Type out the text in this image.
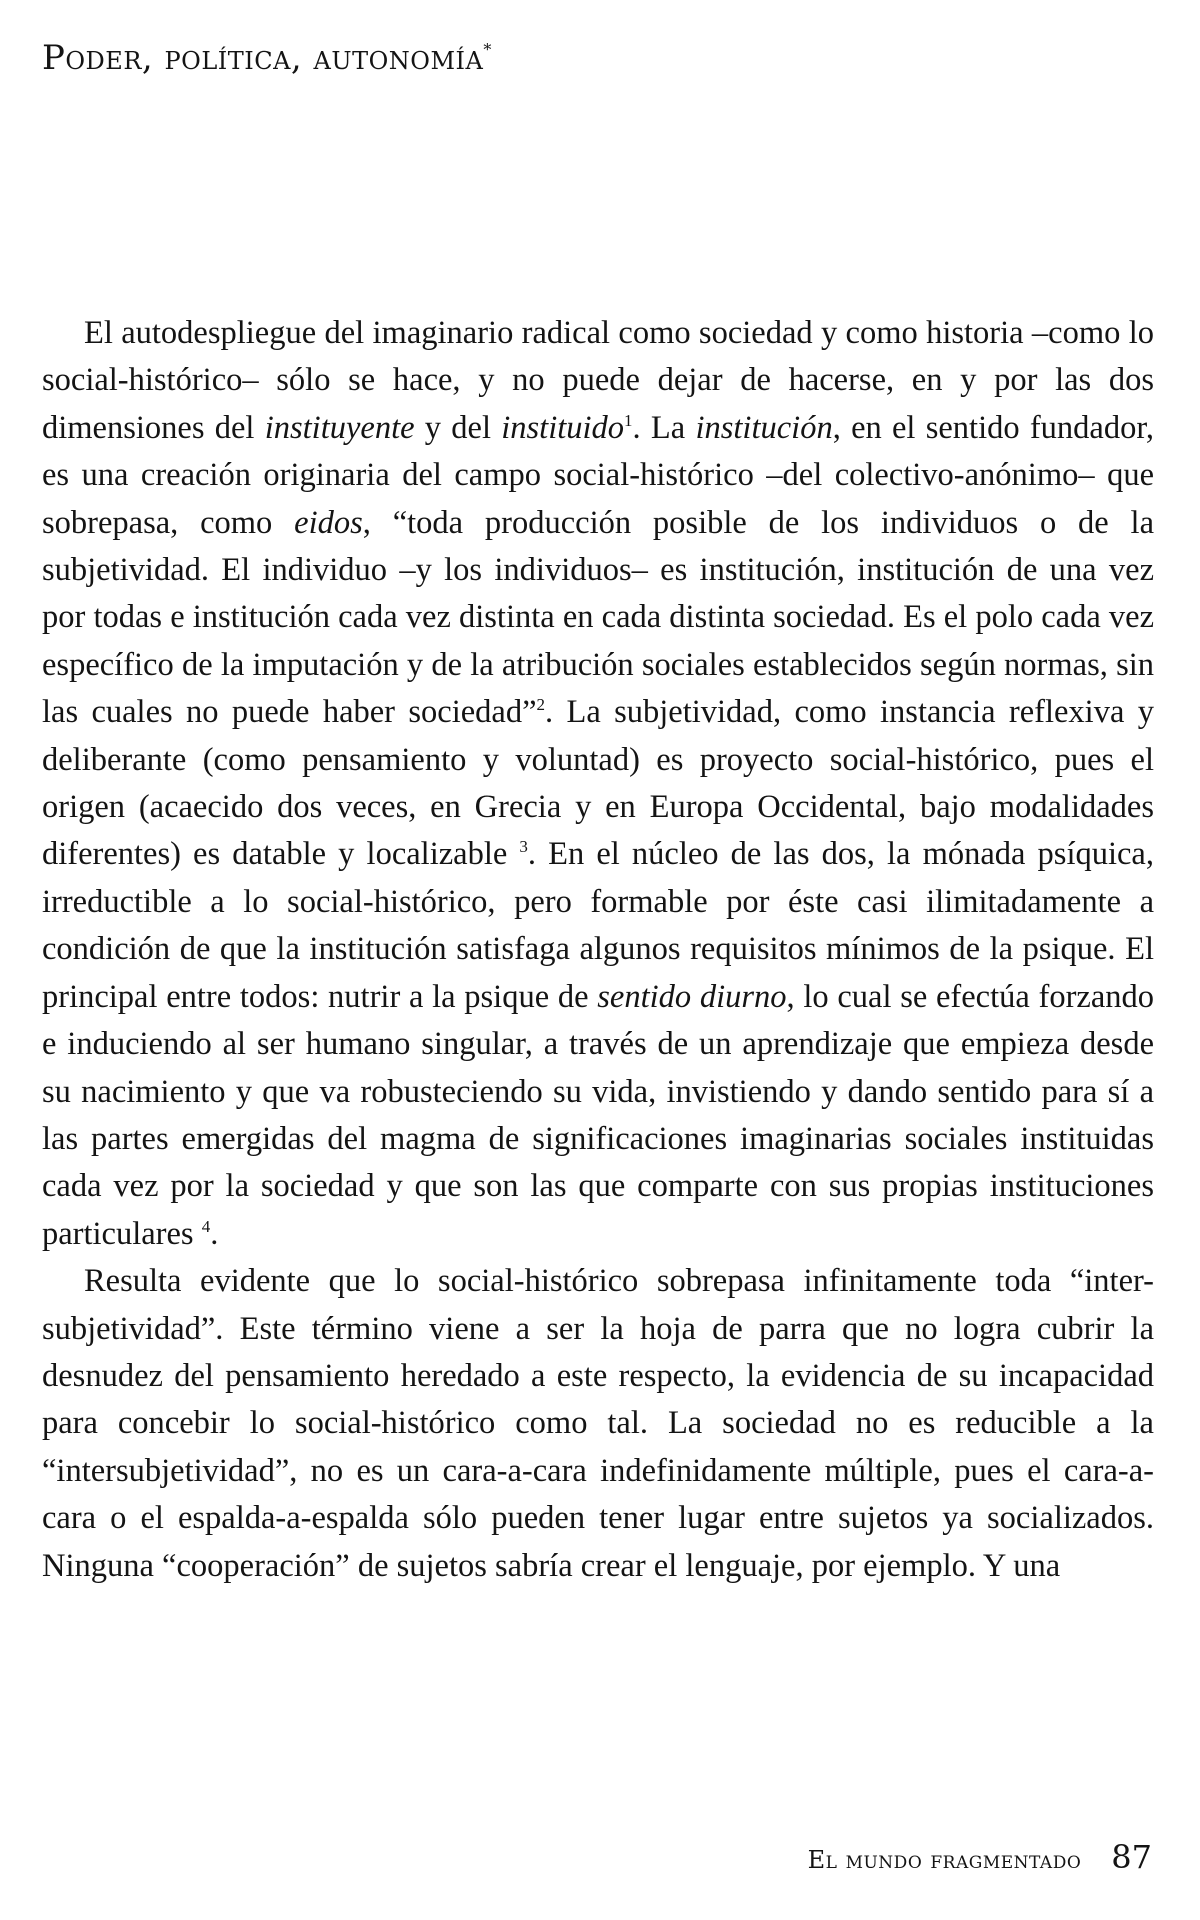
Poder, política, autonomía*

El autodespliegue del imaginario radical como sociedad y como historia –como lo social-histórico– sólo se hace, y no puede dejar de hacerse, en y por las dos dimensiones del instituyente y del instituido$^1$. La institución, en el sentido fundador, es una creación originaria del campo social-histórico –del colectivo-anónimo– que sobrepasa, como eidos, “toda producción posible de los individuos o de la subjetividad. El individuo –y los individuos– es institución, institución de una vez por todas e institución cada vez distinta en cada distinta sociedad. Es el polo cada vez específico de la imputación y de la atribución sociales establecidos según normas, sin las cuales no puede haber sociedad”$^2$. La subjetividad, como instancia reflexiva y deliberante (como pensamiento y voluntad) es proyecto social-histórico, pues el origen (acaecido dos veces, en Grecia y en Europa Occidental, bajo modalidades diferentes) es datable y localizable $^3$. En el núcleo de las dos, la mónada psíquica, irreductible a lo social-histórico, pero formable por éste casi ilimitadamente a condición de que la institución satisfaga algunos requisitos mínimos de la psique. El principal entre todos: nutrir a la psique de sentido diurno, lo cual se efectúa forzando e induciendo al ser humano singular, a través de un aprendizaje que empieza desde su nacimiento y que va robusteciendo su vida, invistiendo y dando sentido para sí a las partes emergidas del magma de significaciones imaginarias sociales instituidas cada vez por la sociedad y que son las que comparte con sus propias instituciones particulares $^4$.

Resulta evidente que lo social-histórico sobrepasa infinitamente toda “inter-subjetividad”. Este término viene a ser la hoja de parra que no logra cubrir la desnudez del pensamiento heredado a este respecto, la evidencia de su incapacidad para concebir lo social-histórico como tal. La sociedad no es reducible a la “intersubjetividad”, no es un cara-a-cara indefinidamente múltiple, pues el cara-a-cara o el espalda-a-espalda sólo pueden tener lugar entre sujetos ya socializados. Ninguna “cooperación” de sujetos sabría crear el lenguaje, por ejemplo. Y una

El mundo fragmentado 87
